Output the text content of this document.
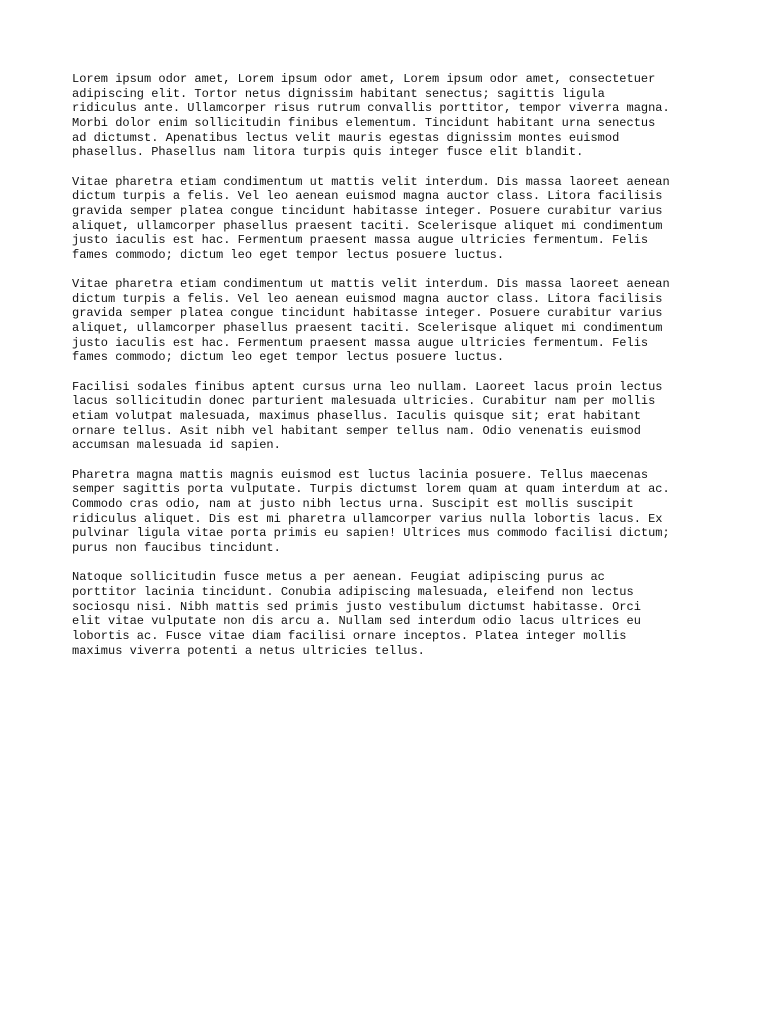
Lorem ipsum odor amet, Lorem ipsum odor amet, Lorem ipsum odor amet, consectetuer
adipiscing elit. Tortor netus dignissim habitant senectus; sagittis ligula
ridiculus ante. Ullamcorper risus rutrum convallis porttitor, tempor viverra magna.
Morbi dolor enim sollicitudin finibus elementum. Tincidunt habitant urna senectus
ad dictumst. Apenatibus lectus velit mauris egestas dignissim montes euismod
phasellus. Phasellus nam litora turpis quis integer fusce elit blandit.

Vitae pharetra etiam condimentum ut mattis velit interdum. Dis massa laoreet aenean
dictum turpis a felis. Vel leo aenean euismod magna auctor class. Litora facilisis
gravida semper platea congue tincidunt habitasse integer. Posuere curabitur varius
aliquet, ullamcorper phasellus praesent taciti. Scelerisque aliquet mi condimentum
justo iaculis est hac. Fermentum praesent massa augue ultricies fermentum. Felis
fames commodo; dictum leo eget tempor lectus posuere luctus.

Vitae pharetra etiam condimentum ut mattis velit interdum. Dis massa laoreet aenean
dictum turpis a felis. Vel leo aenean euismod magna auctor class. Litora facilisis
gravida semper platea congue tincidunt habitasse integer. Posuere curabitur varius
aliquet, ullamcorper phasellus praesent taciti. Scelerisque aliquet mi condimentum
justo iaculis est hac. Fermentum praesent massa augue ultricies fermentum. Felis
fames commodo; dictum leo eget tempor lectus posuere luctus.

Facilisi sodales finibus aptent cursus urna leo nullam. Laoreet lacus proin lectus
lacus sollicitudin donec parturient malesuada ultricies. Curabitur nam per mollis
etiam volutpat malesuada, maximus phasellus. Iaculis quisque sit; erat habitant
ornare tellus. Asit nibh vel habitant semper tellus nam. Odio venenatis euismod
accumsan malesuada id sapien.

Pharetra magna mattis magnis euismod est luctus lacinia posuere. Tellus maecenas
semper sagittis porta vulputate. Turpis dictumst lorem quam at quam interdum at ac.
Commodo cras odio, nam at justo nibh lectus urna. Suscipit est mollis suscipit
ridiculus aliquet. Dis est mi pharetra ullamcorper varius nulla lobortis lacus. Ex
pulvinar ligula vitae porta primis eu sapien! Ultrices mus commodo facilisi dictum;
purus non faucibus tincidunt.

Natoque sollicitudin fusce metus a per aenean. Feugiat adipiscing purus ac
porttitor lacinia tincidunt. Conubia adipiscing malesuada, eleifend non lectus
sociosqu nisi. Nibh mattis sed primis justo vestibulum dictumst habitasse. Orci
elit vitae vulputate non dis arcu a. Nullam sed interdum odio lacus ultrices eu
lobortis ac. Fusce vitae diam facilisi ornare inceptos. Platea integer mollis
maximus viverra potenti a netus ultricies tellus.
